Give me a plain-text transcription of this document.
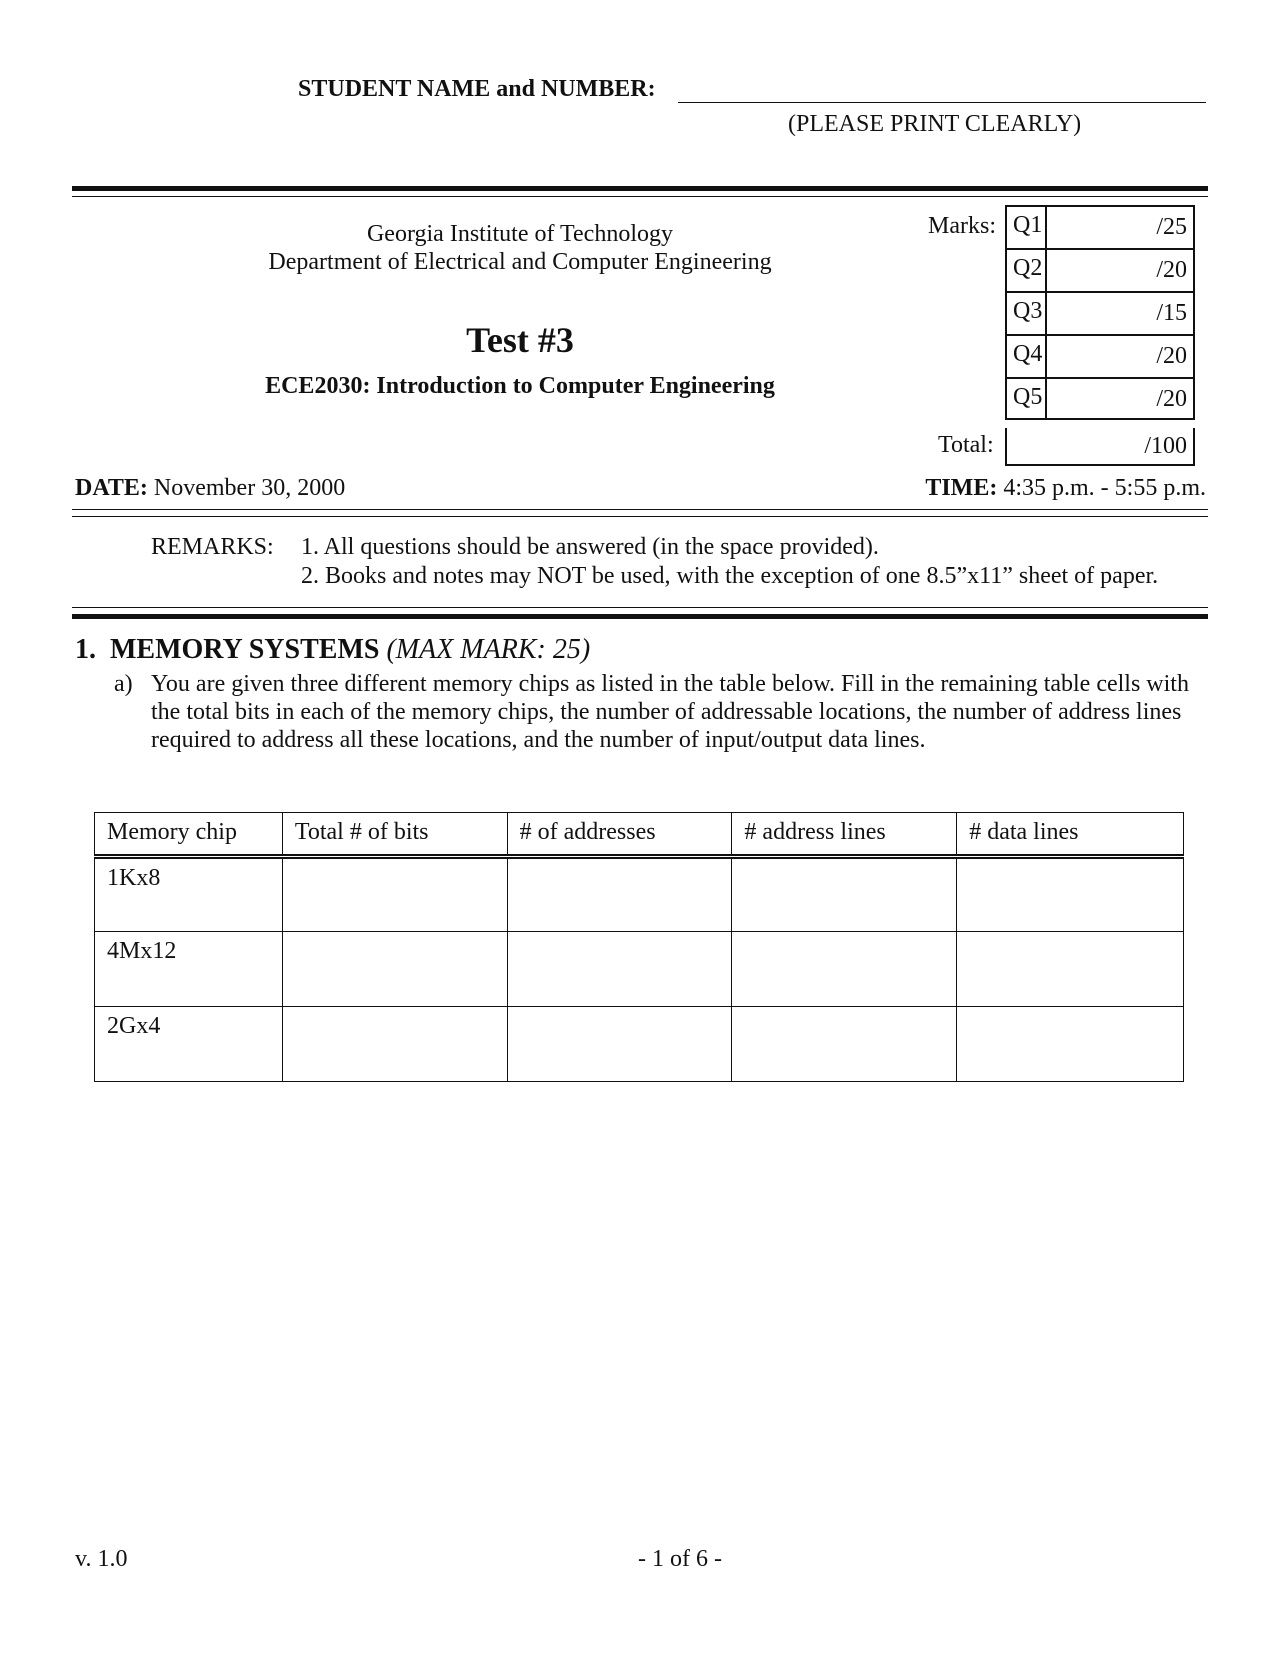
STUDENT NAME and NUMBER:
(PLEASE PRINT CLEARLY)
Georgia Institute of Technology
Department of Electrical and Computer Engineering
Test #3
ECE2030: Introduction to Computer Engineering
Marks: Q1	/25
Q2	/20
Q3	/15
Q4	/20
Q5	/20
Total:	/100
DATE: November 30, 2000	TIME: 4:35 p.m. - 5:55 p.m.
REMARKS: 1. All questions should be answered (in the space provided).
2. Books and notes may NOT be used, with the exception of one 8.5”x11” sheet of paper.
1. MEMORY SYSTEMS (MAX MARK: 25)
a) You are given three different memory chips as listed in the table below. Fill in the remaining table cells with the total bits in each of the memory chips, the number of addressable locations, the number of address lines required to address all these locations, and the number of input/output data lines.
Memory chip	Total # of bits	# of addresses	# address lines	# data lines
1Kx8				
4Mx12				
2Gx4				
v. 1.0	- 1 of 6 -
